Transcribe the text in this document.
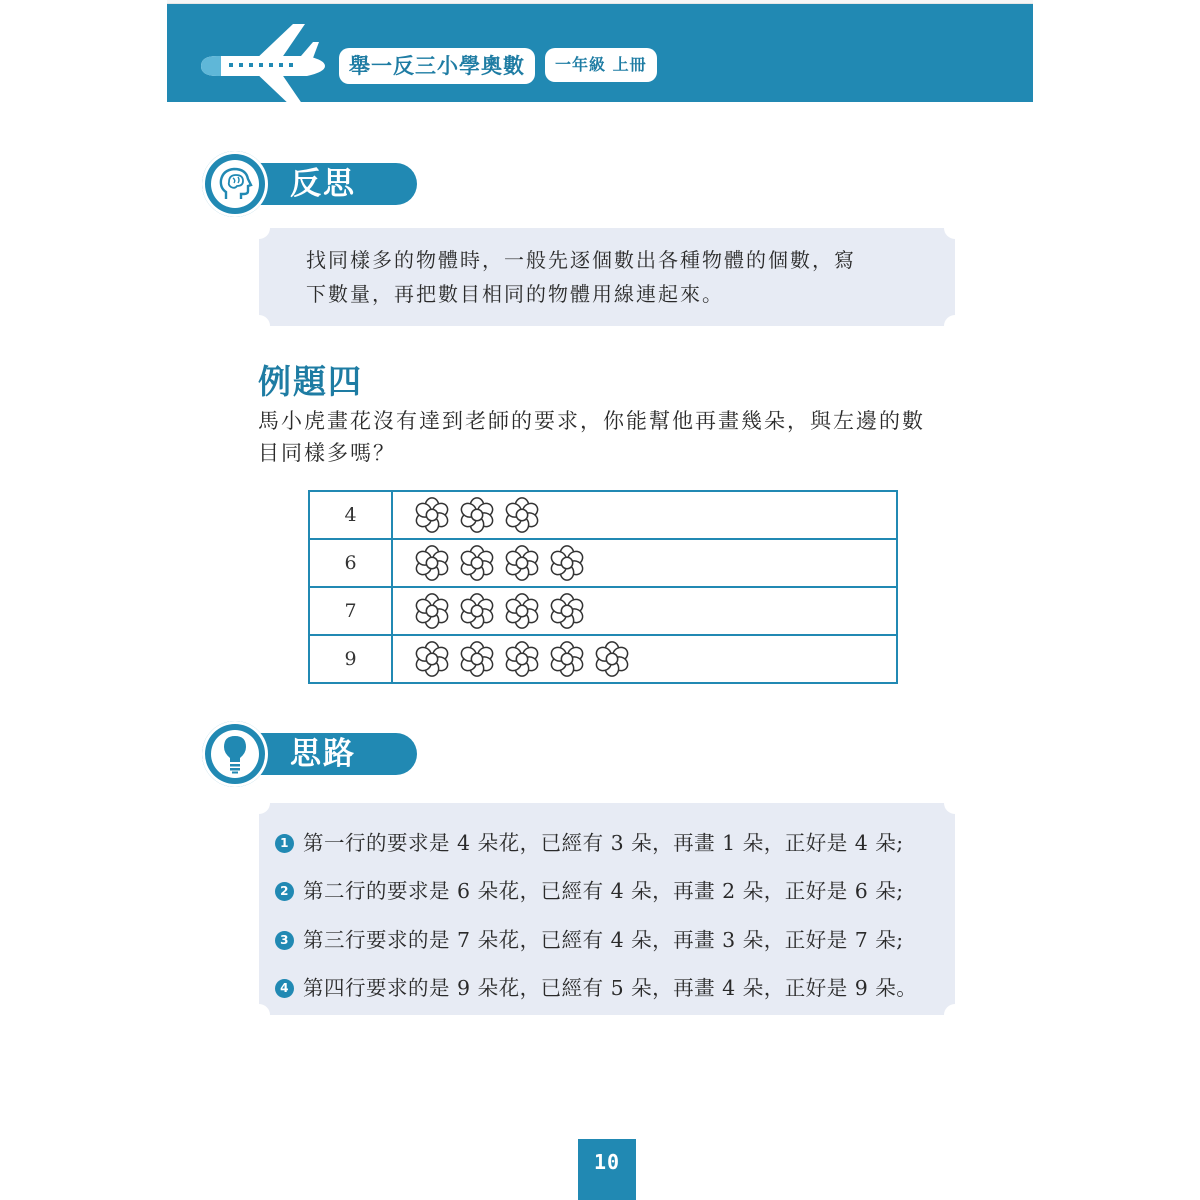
舉一反三小學奧數	一年級 上冊
反思
找同樣多的物體時，一般先逐個數出各種物體的個數，寫
下數量，再把數目相同的物體用線連起來。
例題四
馬小虎畫花沒有達到老師的要求，你能幫他再畫幾朵，與左邊的數
目同樣多嗎？
4	
6	
7	
9	
思路
1 第一行的要求是 4 朵花，已經有 3 朵，再畫 1 朵，正好是 4 朵;
2 第二行的要求是 6 朵花，已經有 4 朵，再畫 2 朵，正好是 6 朵;
3 第三行要求的是 7 朵花，已經有 4 朵，再畫 3 朵，正好是 7 朵;
4 第四行要求的是 9 朵花，已經有 5 朵，再畫 4 朵，正好是 9 朵。
10
